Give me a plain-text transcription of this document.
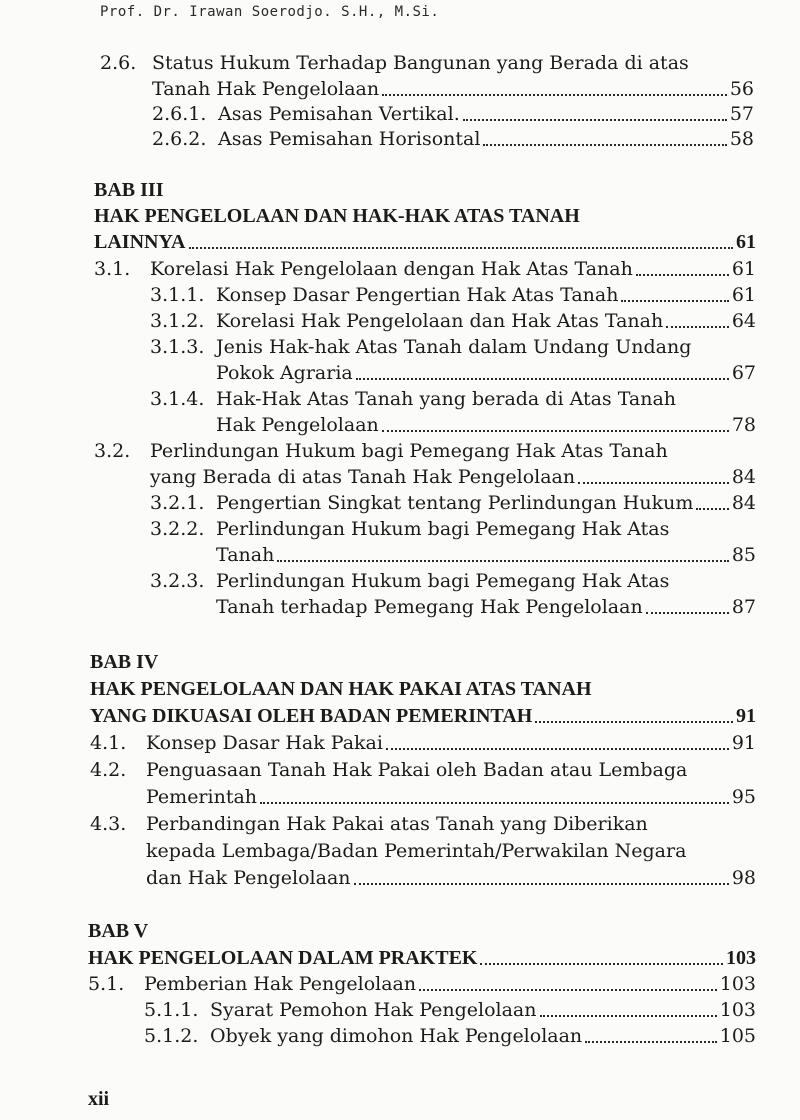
Prof. Dr. Irawan Soerodjo. S.H., M.Si.
2.6. Status Hukum Terhadap Bangunan yang Berada di atas
Tanah Hak Pengelolaan	56
2.6.1. Asas Pemisahan Vertikal.	57
2.6.2. Asas Pemisahan Horisontal	58
BAB III
HAK PENGELOLAAN DAN HAK-HAK ATAS TANAH
LAINNYA	61
3.1.	Korelasi Hak Pengelolaan dengan Hak Atas Tanah	61
3.1.1. Konsep Dasar Pengertian Hak Atas Tanah	61
3.1.2. Korelasi Hak Pengelolaan dan Hak Atas Tanah	64
3.1.3. Jenis Hak-hak Atas Tanah dalam Undang Undang
Pokok Agraria	67
3.1.4. Hak-Hak Atas Tanah yang berada di Atas Tanah
Hak Pengelolaan	78
3.2.	Perlindungan Hukum bagi Pemegang Hak Atas Tanah
yang Berada di atas Tanah Hak Pengelolaan	84
3.2.1. Pengertian Singkat tentang Perlindungan Hukum 84
3.2.2. Perlindungan Hukum bagi Pemegang Hak Atas
Tanah	85
3.2.3. Perlindungan Hukum bagi Pemegang Hak Atas
Tanah terhadap Pemegang Hak Pengelolaan	87
BAB IV
HAK PENGELOLAAN DAN HAK PAKAI ATAS TANAH
YANG DIKUASAI OLEH BADAN PEMERINTAH	91
4.1.	Konsep Dasar Hak Pakai	91
4.2.	Penguasaan Tanah Hak Pakai oleh Badan atau Lembaga
Pemerintah	95
4.3.	Perbandingan Hak Pakai atas Tanah yang Diberikan
kepada Lembaga/Badan Pemerintah/Perwakilan Negara
dan Hak Pengelolaan	98
BAB V
HAK PENGELOLAAN DALAM PRAKTEK	103
5.1.	Pemberian Hak Pengelolaan	103
5.1.1. Syarat Pemohon Hak Pengelolaan	103
5.1.2. Obyek yang dimohon Hak Pengelolaan	105
xii
